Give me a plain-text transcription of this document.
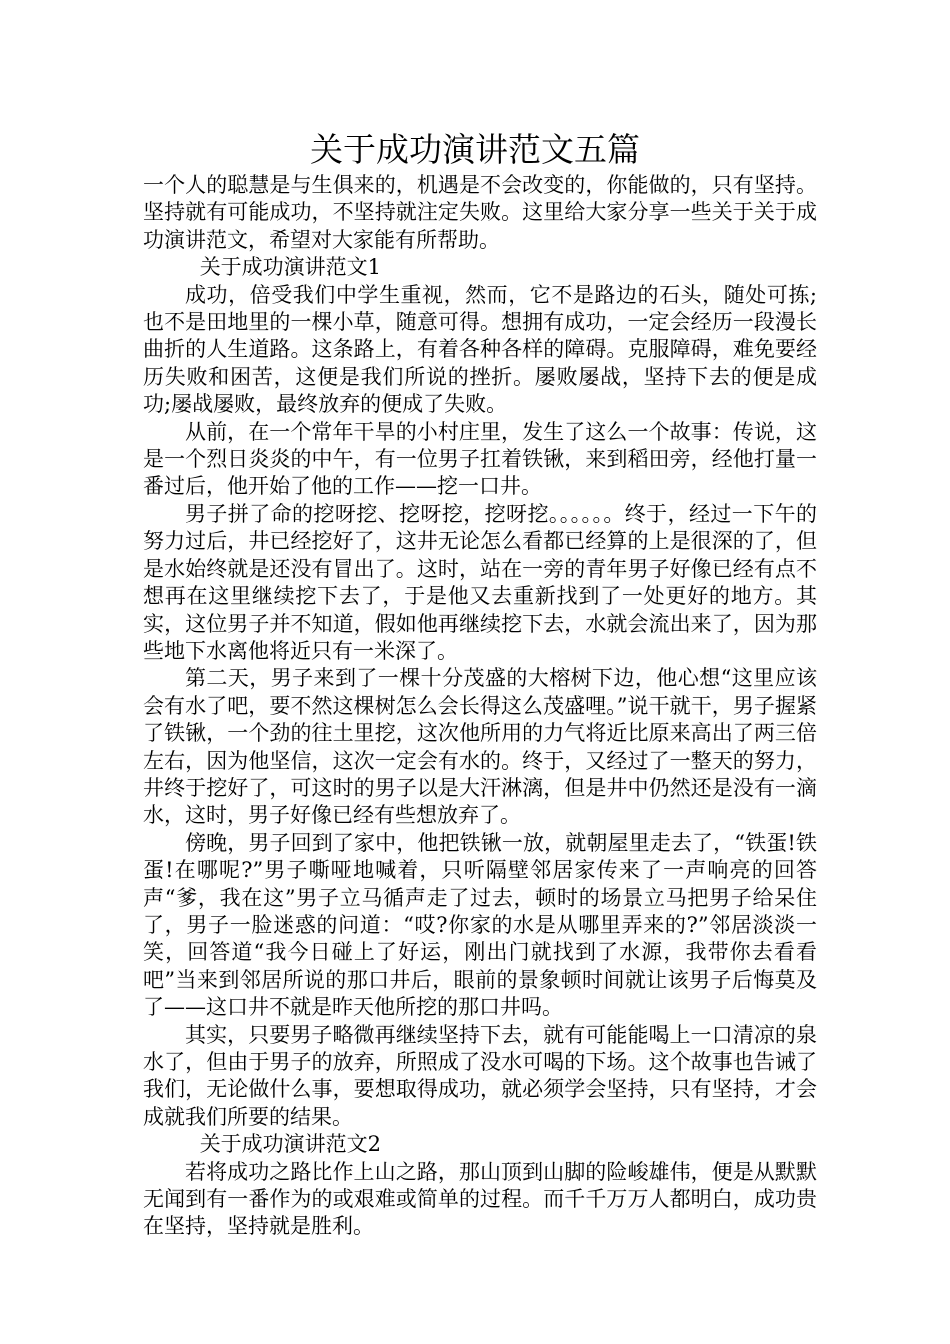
关于成功演讲范文五篇

一个人的聪慧是与生俱来的，机遇是不会改变的，你能做的，只有坚持。坚持就有可能成功，不坚持就注定失败。这里给大家分享一些关于关于成功演讲范文，希望对大家能有所帮助。

关于成功演讲范文1

成功，倍受我们中学生重视，然而，它不是路边的石头，随处可拣;也不是田地里的一棵小草，随意可得。想拥有成功，一定会经历一段漫长曲折的人生道路。这条路上，有着各种各样的障碍。克服障碍，难免要经历失败和困苦，这便是我们所说的挫折。屡败屡战，坚持下去的便是成功;屡战屡败，最终放弃的便成了失败。

从前，在一个常年干旱的小村庄里，发生了这么一个故事：传说，这是一个烈日炎炎的中午，有一位男子扛着铁锹，来到稻田旁，经他打量一番过后，他开始了他的工作——挖一口井。

男子拼了命的挖呀挖、挖呀挖，挖呀挖。。。。。。终于，经过一下午的努力过后，井已经挖好了，这井无论怎么看都已经算的上是很深的了，但是水始终就是还没有冒出了。这时，站在一旁的青年男子好像已经有点不想再在这里继续挖下去了，于是他又去重新找到了一处更好的地方。其实，这位男子并不知道，假如他再继续挖下去，水就会流出来了，因为那些地下水离他将近只有一米深了。

第二天，男子来到了一棵十分茂盛的大榕树下边，他心想“这里应该会有水了吧，要不然这棵树怎么会长得这么茂盛哩。”说干就干，男子握紧了铁锹，一个劲的往土里挖，这次他所用的力气将近比原来高出了两三倍左右，因为他坚信，这次一定会有水的。终于，又经过了一整天的努力，井终于挖好了，可这时的男子以是大汗淋漓，但是井中仍然还是没有一滴水，这时，男子好像已经有些想放弃了。

傍晚，男子回到了家中，他把铁锹一放，就朝屋里走去了，“铁蛋!铁蛋!在哪呢?”男子嘶哑地喊着，只听隔壁邻居家传来了一声响亮的回答声“爹，我在这”男子立马循声走了过去，顿时的场景立马把男子给呆住了，男子一脸迷惑的问道：“哎?你家的水是从哪里弄来的?”邻居淡淡一笑，回答道“我今日碰上了好运，刚出门就找到了水源，我带你去看看吧”当来到邻居所说的那口井后，眼前的景象顿时间就让该男子后悔莫及了——这口井不就是昨天他所挖的那口井吗。

其实，只要男子略微再继续坚持下去，就有可能能喝上一口清凉的泉水了，但由于男子的放弃，所照成了没水可喝的下场。这个故事也告诫了我们，无论做什么事，要想取得成功，就必须学会坚持，只有坚持，才会成就我们所要的结果。

关于成功演讲范文2

若将成功之路比作上山之路，那山顶到山脚的险峻雄伟，便是从默默无闻到有一番作为的或艰难或简单的过程。而千千万万人都明白，成功贵在坚持，坚持就是胜利。
